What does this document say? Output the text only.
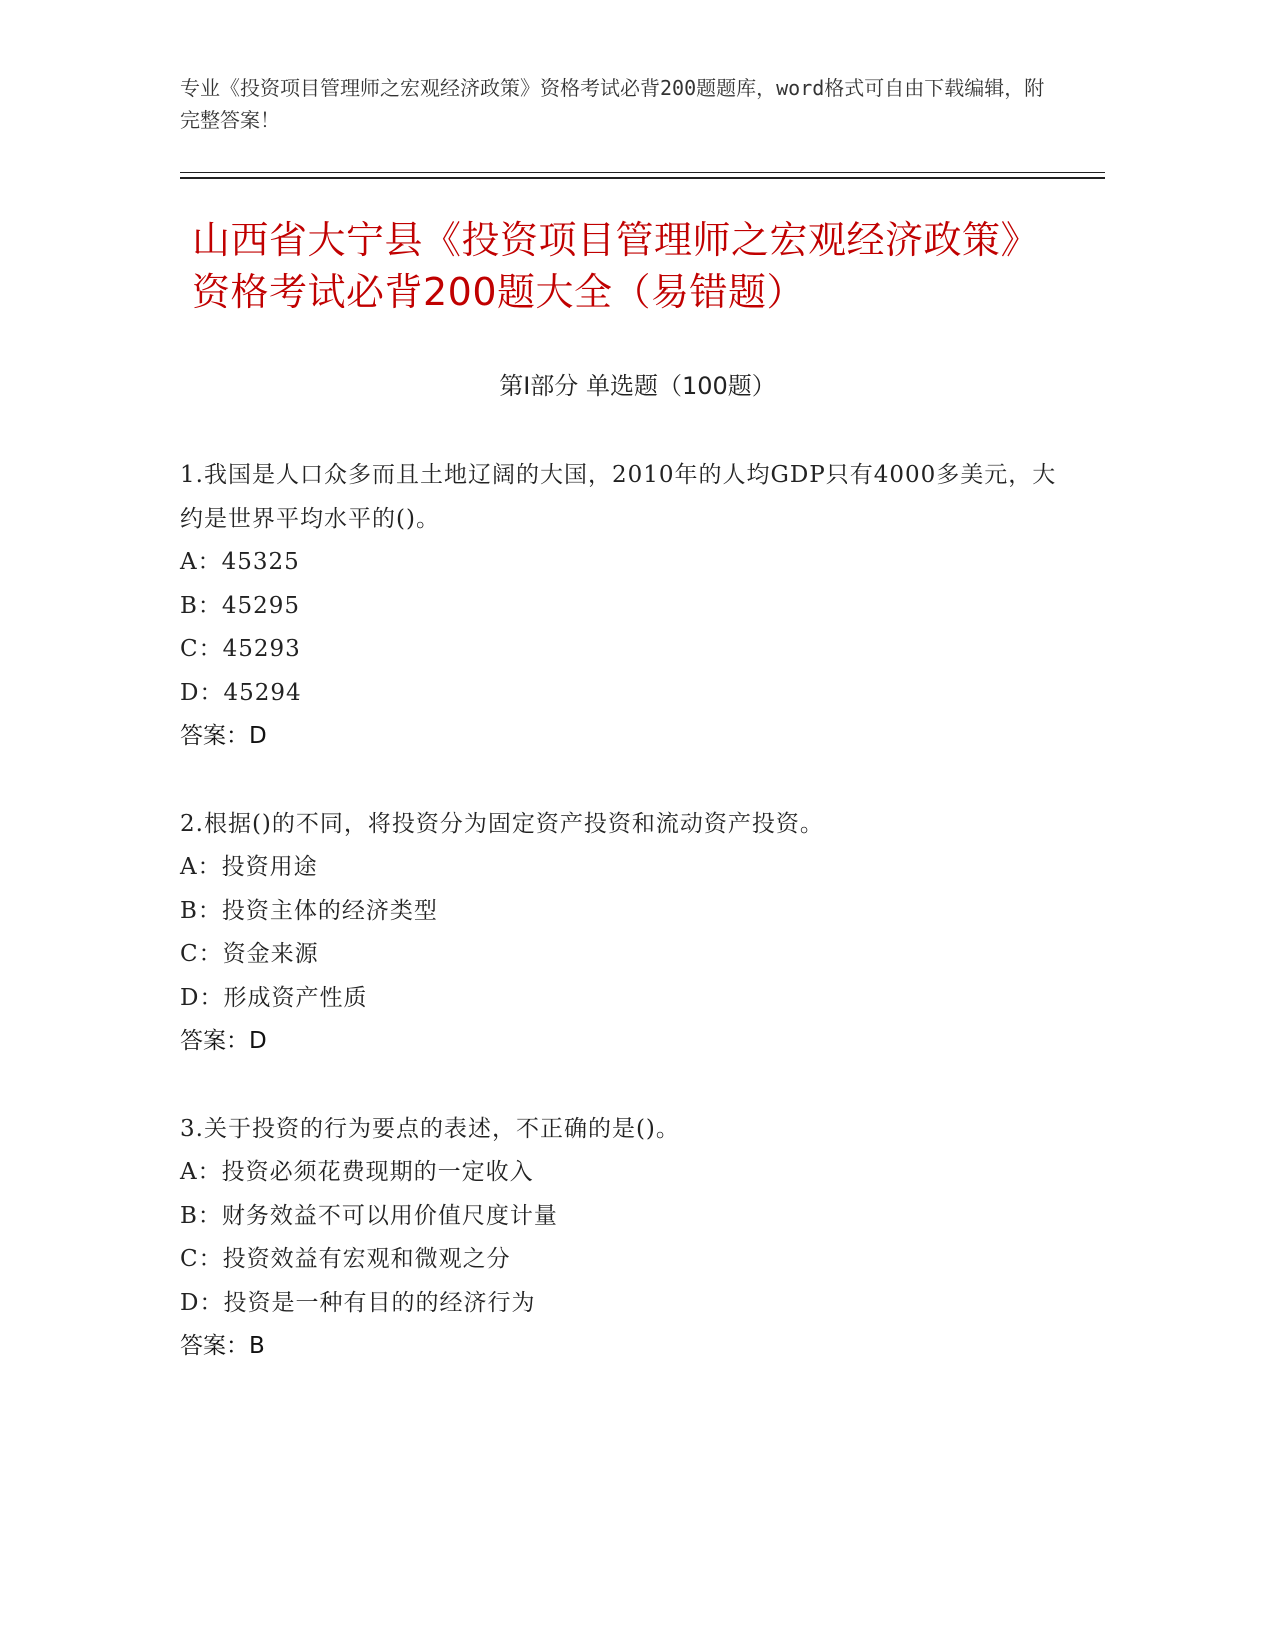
专业《投资项目管理师之宏观经济政策》资格考试必背200题题库，word格式可自由下载编辑，附完整答案！
山西省大宁县《投资项目管理师之宏观经济政策》资格考试必背200题大全（易错题）
第I部分 单选题（100题）
1.我国是人口众多而且土地辽阔的大国，2010年的人均GDP只有4000多美元，大约是世界平均水平的()。
A：45325
B：45295
C：45293
D：45294
答案：D
2.根据()的不同，将投资分为固定资产投资和流动资产投资。
A：投资用途
B：投资主体的经济类型
C：资金来源
D：形成资产性质
答案：D
3.关于投资的行为要点的表述，不正确的是()。
A：投资必须花费现期的一定收入
B：财务效益不可以用价值尺度计量
C：投资效益有宏观和微观之分
D：投资是一种有目的的经济行为
答案：B
